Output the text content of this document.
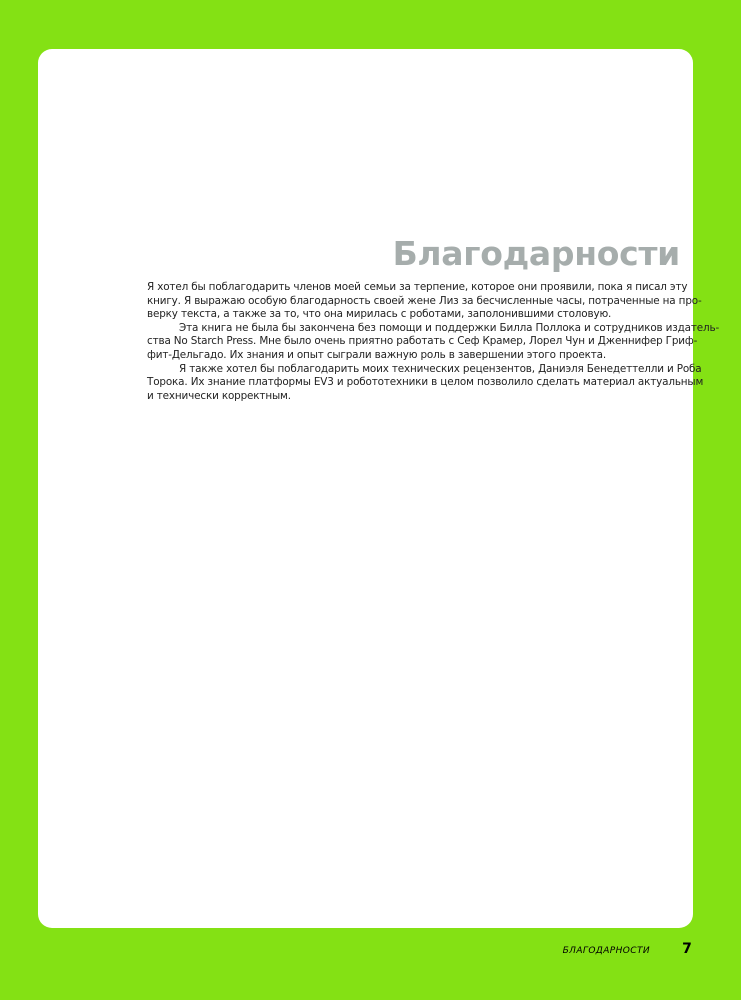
Благодарности
Я хотел бы поблагодарить членов моей семьи за терпение, которое они проявили, пока я писал эту
книгу. Я выражаю особую благодарность своей жене Лиз за бесчисленные часы, потраченные на про-
верку текста, а также за то, что она мирилась с роботами, заполонившими столовую.
Эта книга не была бы закончена без помощи и поддержки Билла Поллока и сотрудников издатель-
ства No Starch Press. Мне было очень приятно работать с Сеф Крамер, Лорел Чун и Дженнифер Гриф-
фит-Дельгадо. Их знания и опыт сыграли важную роль в завершении этого проекта.
Я также хотел бы поблагодарить моих технических рецензентов, Даниэля Бенедеттелли и Роба
Торока. Их знание платформы EV3 и робототехники в целом позволило сделать материал актуальным
и технически корректным.
БЛАГОДАРНОСТИ	7
